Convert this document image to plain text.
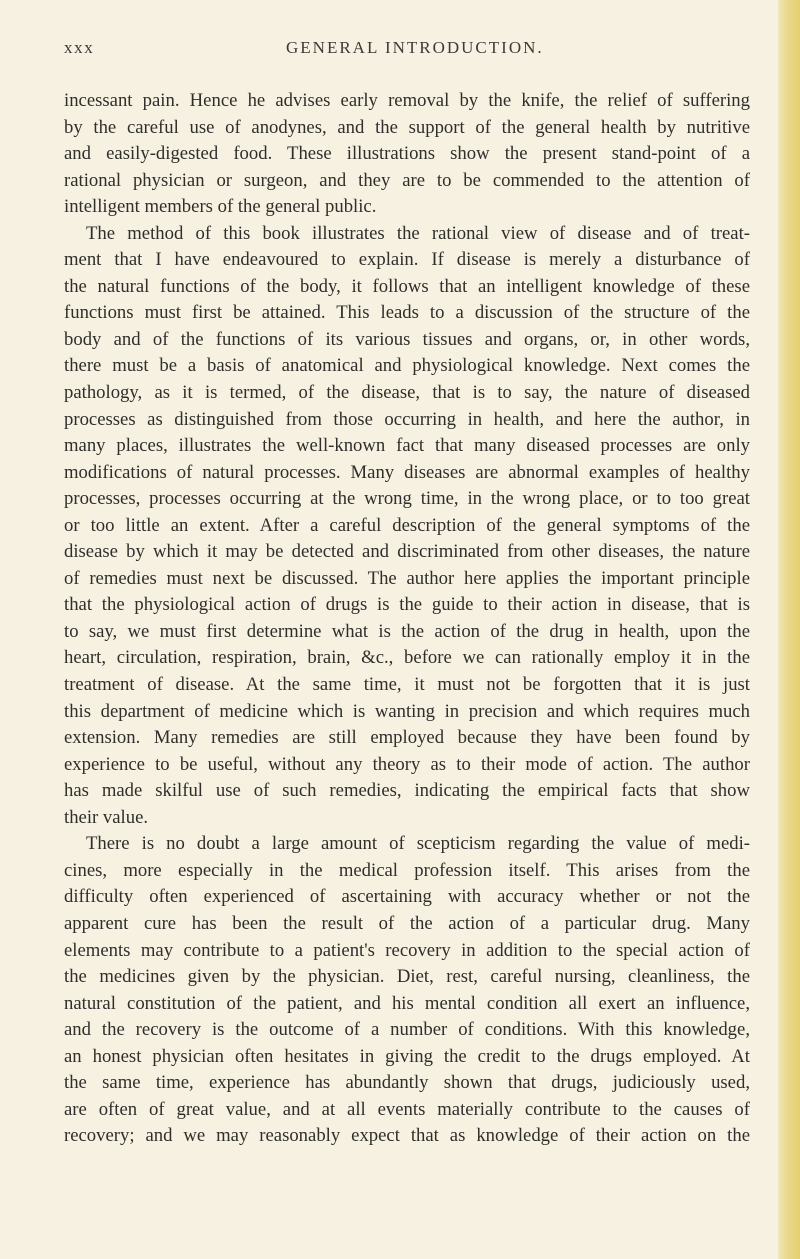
xxx	GENERAL INTRODUCTION.

incessant pain. Hence he advises early removal by the knife, the relief of suffering
by the careful use of anodynes, and the support of the general health by nutritive
and easily-digested food. These illustrations show the present stand-point of a
rational physician or surgeon, and they are to be commended to the attention of
intelligent members of the general public.

The method of this book illustrates the rational view of disease and of treat-
ment that I have endeavoured to explain. If disease is merely a disturbance of
the natural functions of the body, it follows that an intelligent knowledge of these
functions must first be attained. This leads to a discussion of the structure of the
body and of the functions of its various tissues and organs, or, in other words,
there must be a basis of anatomical and physiological knowledge. Next comes the
pathology, as it is termed, of the disease, that is to say, the nature of diseased
processes as distinguished from those occurring in health, and here the author, in
many places, illustrates the well-known fact that many diseased processes are only
modifications of natural processes. Many diseases are abnormal examples of healthy
processes, processes occurring at the wrong time, in the wrong place, or to too great
or too little an extent. After a careful description of the general symptoms of the
disease by which it may be detected and discriminated from other diseases, the nature
of remedies must next be discussed. The author here applies the important principle
that the physiological action of drugs is the guide to their action in disease, that is
to say, we must first determine what is the action of the drug in health, upon the
heart, circulation, respiration, brain, &c., before we can rationally employ it in the
treatment of disease. At the same time, it must not be forgotten that it is just
this department of medicine which is wanting in precision and which requires much
extension. Many remedies are still employed because they have been found by
experience to be useful, without any theory as to their mode of action. The author
has made skilful use of such remedies, indicating the empirical facts that show
their value.

There is no doubt a large amount of scepticism regarding the value of medi-
cines, more especially in the medical profession itself. This arises from the
difficulty often experienced of ascertaining with accuracy whether or not the
apparent cure has been the result of the action of a particular drug. Many
elements may contribute to a patient's recovery in addition to the special action of
the medicines given by the physician. Diet, rest, careful nursing, cleanliness, the
natural constitution of the patient, and his mental condition all exert an influence,
and the recovery is the outcome of a number of conditions. With this knowledge,
an honest physician often hesitates in giving the credit to the drugs employed. At
the same time, experience has abundantly shown that drugs, judiciously used,
are often of great value, and at all events materially contribute to the causes of
recovery; and we may reasonably expect that as knowledge of their action on the
